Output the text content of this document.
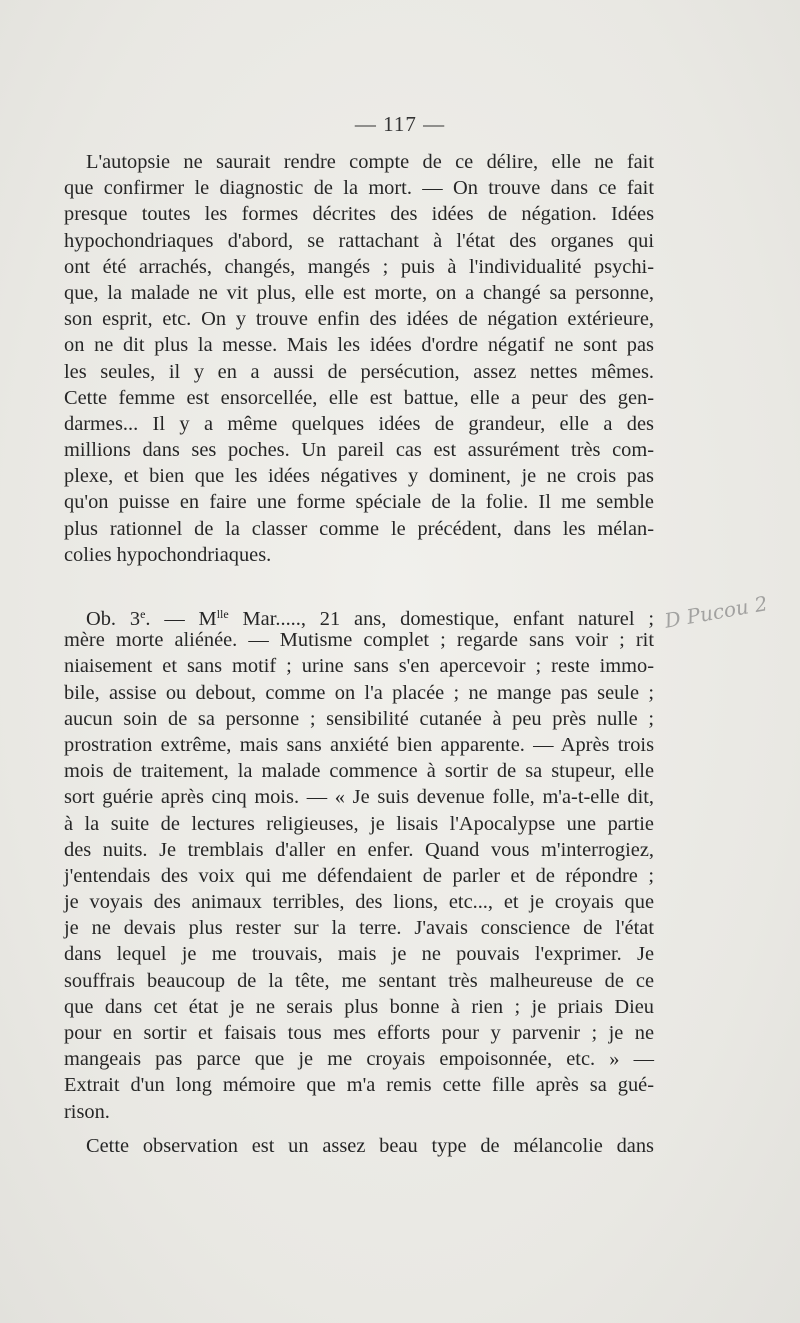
— 117 —
L'autopsie ne saurait rendre compte de ce délire, elle ne fait
que confirmer le diagnostic de la mort. — On trouve dans ce fait
presque toutes les formes décrites des idées de négation. Idées
hypochondriaques d'abord, se rattachant à l'état des organes qui
ont été arrachés, changés, mangés ; puis à l'individualité psychi-
que, la malade ne vit plus, elle est morte, on a changé sa personne,
son esprit, etc. On y trouve enfin des idées de négation extérieure,
on ne dit plus la messe. Mais les idées d'ordre négatif ne sont pas
les seules, il y en a aussi de persécution, assez nettes mêmes.
Cette femme est ensorcellée, elle est battue, elle a peur des gen-
darmes... Il y a même quelques idées de grandeur, elle a des
millions dans ses poches. Un pareil cas est assurément très com-
plexe, et bien que les idées négatives y dominent, je ne crois pas
qu'on puisse en faire une forme spéciale de la folie. Il me semble
plus rationnel de la classer comme le précédent, dans les mélan-
colies hypochondriaques.
Ob. 3e. — $M^{lle}$ Mar....., 21 ans, domestique, enfant naturel ;
mère morte aliénée. — Mutisme complet ; regarde sans voir ; rit
niaisement et sans motif ; urine sans s'en apercevoir ; reste immo-
bile, assise ou debout, comme on l'a placée ; ne mange pas seule ;
aucun soin de sa personne ; sensibilité cutanée à peu près nulle ;
prostration extrême, mais sans anxiété bien apparente. — Après trois
mois de traitement, la malade commence à sortir de sa stupeur, elle
sort guérie après cinq mois. — « Je suis devenue folle, m'a-t-elle dit,
à la suite de lectures religieuses, je lisais l'Apocalypse une partie
des nuits. Je tremblais d'aller en enfer. Quand vous m'interrogiez,
j'entendais des voix qui me défendaient de parler et de répondre ;
je voyais des animaux terribles, des lions, etc..., et je croyais que
je ne devais plus rester sur la terre. J'avais conscience de l'état
dans lequel je me trouvais, mais je ne pouvais l'exprimer. Je
souffrais beaucoup de la tête, me sentant très malheureuse de ce
que dans cet état je ne serais plus bonne à rien ; je priais Dieu
pour en sortir et faisais tous mes efforts pour y parvenir ; je ne
mangeais pas parce que je me croyais empoisonnée, etc. » —
Extrait d'un long mémoire que m'a remis cette fille après sa gué-
rison.
Cette observation est un assez beau type de mélancolie dans
D Pucou 2
